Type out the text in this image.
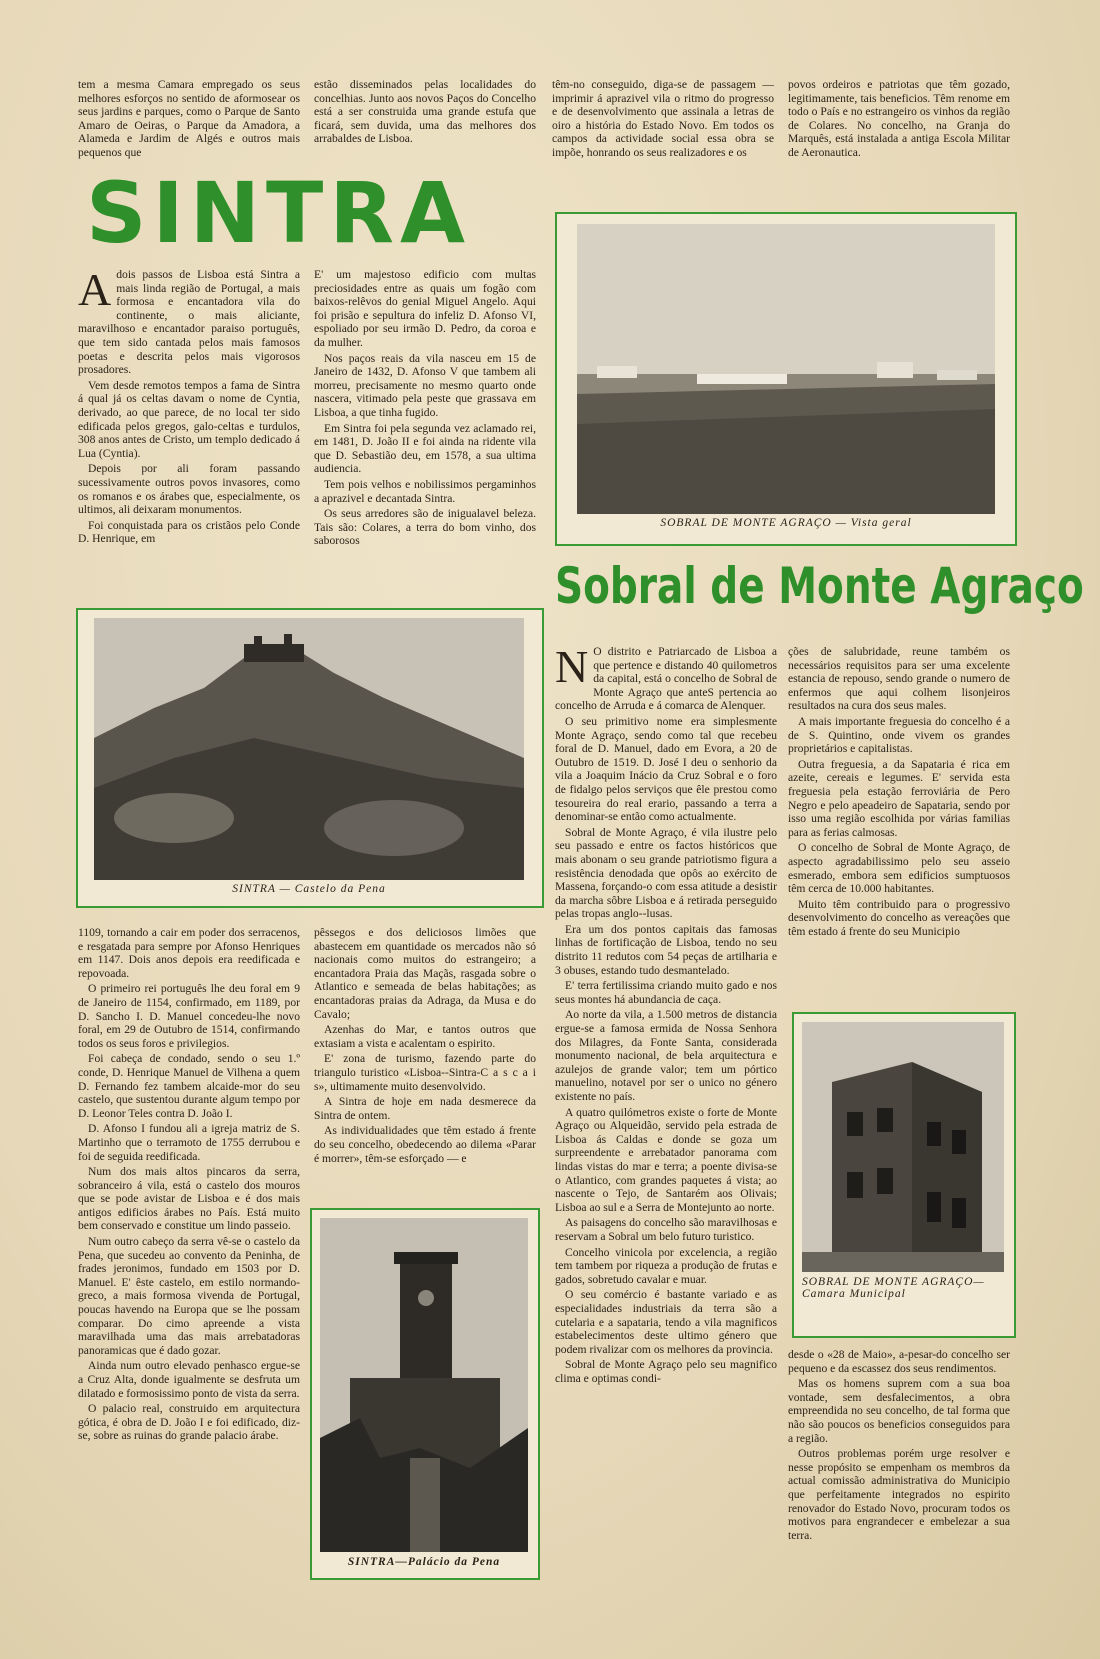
tem a mesma Camara empregado os seus melhores esforços no sentido de aformosear os seus jardins e parques, como o Parque de Santo Amaro de Oeiras, o Parque da Amadora, a Alameda e Jardim de Algés e outros mais pequenos que

estão disseminados pelas localidades do concelhias. Junto aos novos Paços do Concelho está a ser construida uma grande estufa que ficará, sem duvida, uma das melhores dos arrabaldes de Lisboa.

têm-no conseguido, diga-se de passagem — imprimir á aprazivel vila o ritmo do progresso e de desenvolvimento que assinala a letras de oiro a história do Estado Novo. Em todos os campos da actividade social essa obra se impõe, honrando os seus realizadores e os

povos ordeiros e patriotas que têm gozado, legitimamente, tais beneficios. Têm renome em todo o País e no estrangeiro os vinhos da região de Colares. No concelho, na Granja do Marquês, está instalada a antiga Escola Militar de Aeronautica.

SINTRA
A dois passos de Lisboa está Sintra a mais linda região de Portugal, a mais formosa e encantadora vila do continente, o mais aliciante, maravilhoso e encantador paraiso português, que tem sido cantada pelos mais famosos poetas e descrita pelos mais vigorosos prosadores.

Vem desde remotos tempos a fama de Sintra á qual já os celtas davam o nome de Cyntia, derivado, ao que parece, de no local ter sido edificada pelos gregos, galo-celtas e turdulos, 308 anos antes de Cristo, um templo dedicado á Lua (Cyntia).

Depois por ali foram passando sucessivamente outros povos invasores, como os romanos e os árabes que, especialmente, os ultimos, ali deixaram monumentos.

Foi conquistada para os cristãos pelo Conde D. Henrique, em

E' um majestoso edificio com multas preciosidades entre as quais um fogão com baixos-relêvos do genial Miguel Angelo. Aqui foi prisão e sepultura do infeliz D. Afonso VI, espoliado por seu irmão D. Pedro, da coroa e da mulher.

Nos paços reais da vila nasceu em 15 de Janeiro de 1432, D. Afonso V que tambem ali morreu, precisamente no mesmo quarto onde nascera, vitimado pela peste que grassava em Lisboa, a que tinha fugido.

Em Sintra foi pela segunda vez aclamado rei, em 1481, D. João II e foi ainda na ridente vila que D. Sebastião deu, em 1578, a sua ultima audiencia.

Tem pois velhos e nobilissimos pergaminhos a aprazivel e decantada Sintra.

Os seus arredores são de inigualavel beleza. Tais são: Colares, a terra do bom vinho, dos saborosos

SOBRAL DE MONTE AGRAÇO — Vista geral
Sobral de Monte Agraço
SINTRA — Castelo da Pena
N O distrito e Patriarcado de Lisboa a que pertence e distando 40 quilometros da capital, está o concelho de Sobral de Monte Agraço que anteS pertencia ao concelho de Arruda e á comarca de Alenquer.

O seu primitivo nome era simplesmente Monte Agraço, sendo como tal que recebeu foral de D. Manuel, dado em Evora, a 20 de Outubro de 1519. D. José I deu o senhorio da vila a Joaquim Inácio da Cruz Sobral e o foro de fidalgo pelos serviços que êle prestou como tesoureira do real erario, passando a terra a denominar-se então como actualmente.

Sobral de Monte Agraço, é vila ilustre pelo seu passado e entre os factos históricos que mais abonam o seu grande patriotismo figura a resistência denodada que opôs ao exército de Massena, forçando-o com essa atitude a desistir da marcha sôbre Lisboa e á retirada perseguido pelas tropas anglo--lusas.

Era um dos pontos capitais das famosas linhas de fortificação de Lisboa, tendo no seu distrito 11 redutos com 54 peças de artilharia e 3 obuses, estando tudo desmantelado.

E' terra fertilissima criando muito gado e nos seus montes há abundancia de caça.

Ao norte da vila, a 1.500 metros de distancia ergue-se a famosa ermida de Nossa Senhora dos Milagres, da Fonte Santa, considerada monumento nacional, de bela arquitectura e azulejos de grande valor; tem um pórtico manuelino, notavel por ser o unico no género existente no país.

A quatro quilómetros existe o forte de Monte Agraço ou Alqueidão, servido pela estrada de Lisboa ás Caldas e donde se goza um surpreendente e arrebatador panorama com lindas vistas do mar e terra; a poente divisa-se o Atlantico, com grandes paquetes á vista; ao nascente o Tejo, de Santarém aos Olivais; Lisboa ao sul e a Serra de Montejunto ao norte.

As paisagens do concelho são maravilhosas e reservam a Sobral um belo futuro turistico.

Concelho vinicola por excelencia, a região tem tambem por riqueza a produção de frutas e gados, sobretudo cavalar e muar.

O seu comércio é bastante variado e as especialidades industriais da terra são a cutelaria e a sapataria, tendo a vila magnificos estabelecimentos deste ultimo género que podem rivalizar com os melhores da provincia.

Sobral de Monte Agraço pelo seu magnifico clima e optimas condi-

ções de salubridade, reune também os necessários requisitos para ser uma excelente estancia de repouso, sendo grande o numero de enfermos que aqui colhem lisonjeiros resultados na cura dos seus males.

A mais importante freguesia do concelho é a de S. Quintino, onde vivem os grandes proprietários e capitalistas.

Outra freguesia, a da Sapataria é rica em azeite, cereais e legumes. E' servida esta freguesia pela estação ferroviária de Pero Negro e pelo apeadeiro de Sapataria, sendo por isso uma região escolhida por várias familias para as ferias calmosas.

O concelho de Sobral de Monte Agraço, de aspecto agradabilissimo pelo seu asseio esmerado, embora sem edificios sumptuosos têm cerca de 10.000 habitantes.

Muito têm contribuido para o progressivo desenvolvimento do concelho as vereações que têm estado á frente do seu Municipio

SOBRAL DE MONTE AGRAÇO—Camara Municipal

desde o «28 de Maio», a-pesar-do concelho ser pequeno e da escassez dos seus rendimentos.

Mas os homens suprem com a sua boa vontade, sem desfalecimentos, a obra empreendida no seu concelho, de tal forma que não são poucos os beneficios conseguidos para a região.

Outros problemas porém urge resolver e nesse propósito se empenham os membros da actual comissão administrativa do Municipio que perfeitamente integrados no espirito renovador do Estado Novo, procuram todos os motivos para engrandecer e embelezar a sua terra.

1109, tornando a cair em poder dos serracenos, e resgatada para sempre por Afonso Henriques em 1147. Dois anos depois era reedificada e repovoada.

O primeiro rei português lhe deu foral em 9 de Janeiro de 1154, confirmado, em 1189, por D. Sancho I. D. Manuel concedeu-lhe novo foral, em 29 de Outubro de 1514, confirmando todos os seus foros e privilegios.

Foi cabeça de condado, sendo o seu 1.º conde, D. Henrique Manuel de Vilhena a quem D. Fernando fez tambem alcaide-mor do seu castelo, que sustentou durante algum tempo por D. Leonor Teles contra D. João I.

D. Afonso I fundou ali a igreja matriz de S. Martinho que o terramoto de 1755 derrubou e foi de seguida reedificada.

Num dos mais altos pincaros da serra, sobranceiro á vila, está o castelo dos mouros que se pode avistar de Lisboa e é dos mais antigos edificios árabes no País. Está muito bem conservado e constitue um lindo passeio.

Num outro cabeço da serra vê-se o castelo da Pena, que sucedeu ao convento da Peninha, de frades jeronimos, fundado em 1503 por D. Manuel. E' êste castelo, em estilo normando-greco, a mais formosa vivenda de Portugal, poucas havendo na Europa que se lhe possam comparar. Do cimo apreende a vista maravilhada uma das mais arrebatadoras panoramicas que é dado gozar.

Ainda num outro elevado penhasco ergue-se a Cruz Alta, donde igualmente se desfruta um dilatado e formosissimo ponto de vista da serra.

O palacio real, construido em arquitectura gótica, é obra de D. João I e foi edificado, diz-se, sobre as ruinas do grande palacio árabe.

pêssegos e dos deliciosos limões que abastecem em quantidade os mercados não só nacionais como muitos do estrangeiro; a encantadora Praia das Maçãs, rasgada sobre o Atlantico e semeada de belas habitações; as encantadoras praias da Adraga, da Musa e do Cavalo;

Azenhas do Mar, e tantos outros que extasiam a vista e acalentam o espirito.

E' zona de turismo, fazendo parte do triangulo turistico «Lisboa--Sintra-C a s c a i s», ultimamente muito desenvolvido.

A Sintra de hoje em nada desmerece da Sintra de ontem.

As individualidades que têm estado á frente do seu concelho, obedecendo ao dilema «Parar é morrer», têm-se esforçado — e

SINTRA—Palácio da Pena
